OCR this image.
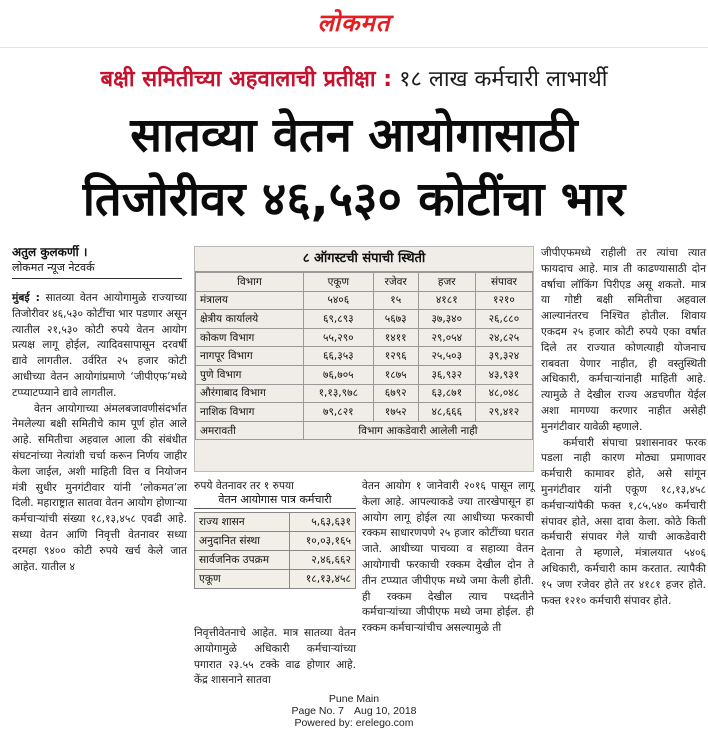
लोकमत
बक्षी समितीच्या अहवालाची प्रतीक्षा : १८ लाख कर्मचारी लाभार्थी
सातव्या वेतन आयोगासाठी
तिजोरीवर ४६,५३० कोटींचा भार
अतुल कुलकर्णी ।
लोकमत न्यूज नेटवर्क

मुंबई : सातव्या वेतन आयोगामुळे राज्याच्या तिजोरीवर ४६,५३० कोटींचा भार पडणार असून त्यातील २१,५३० कोटी रुपये वेतन आयोग प्रत्यक्ष लागू होईल, त्यादिवसापासून दरवर्षी द्यावे लागतील. उर्वरित २५ हजार कोटी आधीच्या वेतन आयोगांप्रमाणे ‘जीपीएफ’मध्ये टप्प्याटप्प्याने द्यावे लागतील.

वेतन आयोगाच्या अंमलबजावणीसंदर्भात नेमलेल्या बक्षी समितीचे काम पूर्ण होत आले आहे. समितीचा अहवाल आला की संबंधीत संघटनांच्या नेत्यांशी चर्चा करून निर्णय जाहीर केला जाईल, अशी माहिती वित्त व नियोजन मंत्री सुधीर मुनगंटीवार यांनी ‘लोकमत’ला दिली. महाराष्ट्रात सातवा वेतन आयोग होणाऱ्या कर्मचाऱ्यांची संख्या १८,१३,४५८ एवढी आहे. सध्या वेतन आणि निवृत्ती वेतनावर सध्या दरमहा ९४०० कोटी रुपये खर्च केले जात आहेत. यातील ४

८ ऑगस्टची संपाची स्थिती
विभाग	एकूण	रजेवर	हजर	संपावर
मंत्रालय	५४०६	१५	४१८१	१२१०
क्षेत्रीय कार्यालये	६९,८९३	५६७३	३७,३४०	२६,८८०
कोकण विभाग	५५,२९०	१४११	२९,०५४	२४,८२५
नागपूर विभाग	६६,३५३	१२९६	२५,५०३	३९,३२४
पुणे विभाग	७६,७०५	१८७५	३६,९३२	४३,९३१
औरंगाबाद विभाग	१,१३,९७८	६७९२	६३,८७१	४८,०४८
नाशिक विभाग	७९,८२१	१७५२	४८,६६६	२९,४१२
अमरावती	विभाग आकडेवारी आलेली नाही			

रुपये वेतनावर तर १ रुपया

वेतन आयोगास पात्र कर्मचारी
राज्य शासन	५,६३,६३१
अनुदानित संस्था	१०,०३,१६५
सार्वजनिक उपक्रम	२,४६,६६२
एकूण	१८,१३,४५८

निवृत्तीवेतनाचे आहेत. मात्र सातव्या वेतन आयोगामुळे अधिकारी कर्मचाऱ्यांच्या पगारात २३.५५ टक्के वाढ होणार आहे. केंद्र शासनाने सातवा

वेतन आयोग १ जानेवारी २०१६ पासून लागू केला आहे. आपल्याकडे ज्या तारखेपासून हा आयोग लागू होईल त्या आधीच्या फरकाची रक्कम साधारणपणे २५ हजार कोटींच्या घरात जाते. आधीच्या पाचव्या व सहाव्या वेतन आयोगाची फरकाची रक्कम देखील दोन ते तीन टप्प्यात जीपीएफ मध्ये जमा केली होती. ही रक्कम देखील त्याच पध्दतीने कर्मचाऱ्यांच्या जीपीएफ मध्ये जमा होईल. ही रक्कम कर्मचाऱ्यांचीच असल्यामुळे ती

जीपीएफमध्ये राहीली तर त्यांचा त्यात फायदाच आहे. मात्र ती काढण्यासाठी दोन वर्षाचा लॉकिंग पिरीएड असू शकतो. मात्र या गोष्टी बक्षी समितीचा अहवाल आल्यानंतरच निश्चित होतील. शिवाय एकदम २५ हजार कोटी रुपये एका वर्षात दिले तर राज्यात कोणत्याही योजनाच राबवता येणार नाहीत, ही वस्तुस्थिती अधिकारी, कर्मचाऱ्यांनाही माहिती आहे. त्यामुळे ते देखील राज्य अडचणीत येईल अशा मागण्या करणार नाहीत असेही मुनगंटीवार यावेळी म्हणाले.

कर्मचारी संपाचा प्रशासनावर फरक पडला नाही कारण मोठ्या प्रमाणावर कर्मचारी कामावर होते, असे सांगून मुनगंटीवार यांनी एकूण १८,१३,४५८ कर्मचाऱ्यांपैकी फक्त १,८५,५४० कर्मचारी संपावर होते, असा दावा केला. कोठे किती कर्मचारी संपावर गेले याची आकडेवारी देताना ते म्हणाले, मंत्रालयात ५४०६ अधिकारी, कर्मचारी काम करतात. त्यापैकी १५ जण रजेवर होते तर ४१८१ हजर होते. फक्त १२१० कर्मचारी संपावर होते.

Pune Main
Page No. 7 Aug 10, 2018
Powered by: erelego.com
